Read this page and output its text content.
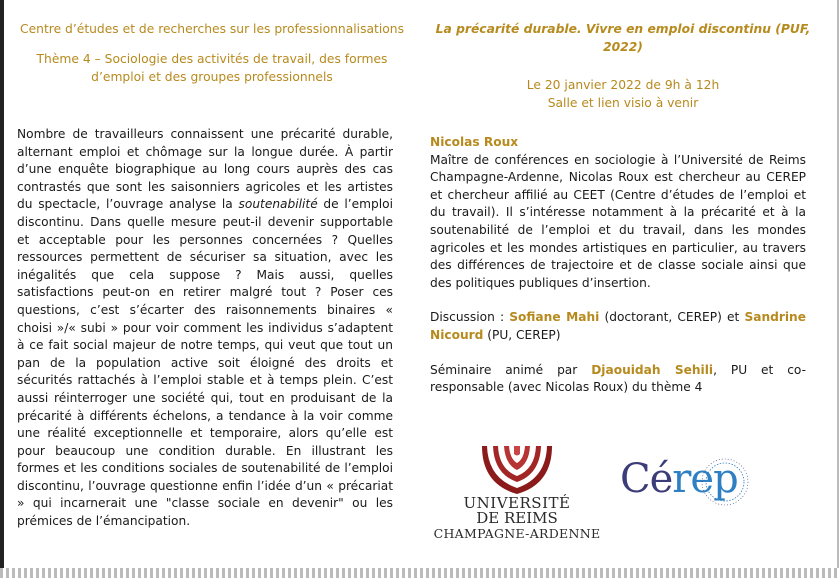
Centre d’études et de recherches sur les professionnalisations

Thème 4 – Sociologie des activités de travail, des formes d’emploi et des groupes professionnels

La précarité durable. Vivre en emploi discontinu (PUF, 2022)

Le 20 janvier 2022 de 9h à 12h

Salle et lien visio à venir

Nombre de travailleurs connaissent une précarité durable, alternant emploi et chômage sur la longue durée. À partir d’une enquête biographique au long cours auprès des cas contrastés que sont les saisonniers agricoles et les artistes du spectacle, l’ouvrage analyse la soutenabilité de l’emploi discontinu. Dans quelle mesure peut-il devenir supportable et acceptable pour les personnes concernées ? Quelles ressources permettent de sécuriser sa situation, avec les inégalités que cela suppose ? Mais aussi, quelles satisfactions peut-on en retirer malgré tout ? Poser ces questions, c’est s’écarter des raisonnements binaires « choisi »/« subi » pour voir comment les individus s’adaptent à ce fait social majeur de notre temps, qui veut que tout un pan de la population active soit éloigné des droits et sécurités rattachés à l’emploi stable et à temps plein. C’est aussi réinterroger une société qui, tout en produisant de la précarité à différents échelons, a tendance à la voir comme une réalité exceptionnelle et temporaire, alors qu’elle est pour beaucoup une condition durable. En illustrant les formes et les conditions sociales de soutenabilité de l’emploi discontinu, l’ouvrage questionne enfin l’idée d’un « précariat » qui incarnerait une "classe sociale en devenir" ou les prémices de l’émancipation.

Nicolas Roux
Maître de conférences en sociologie à l’Université de Reims Champagne-Ardenne, Nicolas Roux est chercheur au CEREP et chercheur affilié au CEET (Centre d’études de l’emploi et du travail). Il s’intéresse notamment à la précarité et à la soutenabilité de l’emploi et du travail, dans les mondes agricoles et les mondes artistiques en particulier, au travers des différences de trajectoire et de classe sociale ainsi que des politiques publiques d’insertion.

Discussion : Sofiane Mahi (doctorant, CEREP) et Sandrine Nicourd (PU, CEREP)

Séminaire animé par Djaouidah Sehili, PU et co-responsable (avec Nicolas Roux) du thème 4

UNIVERSITÉ
DE REIMS
CHAMPAGNE-ARDENNE
Cérep
